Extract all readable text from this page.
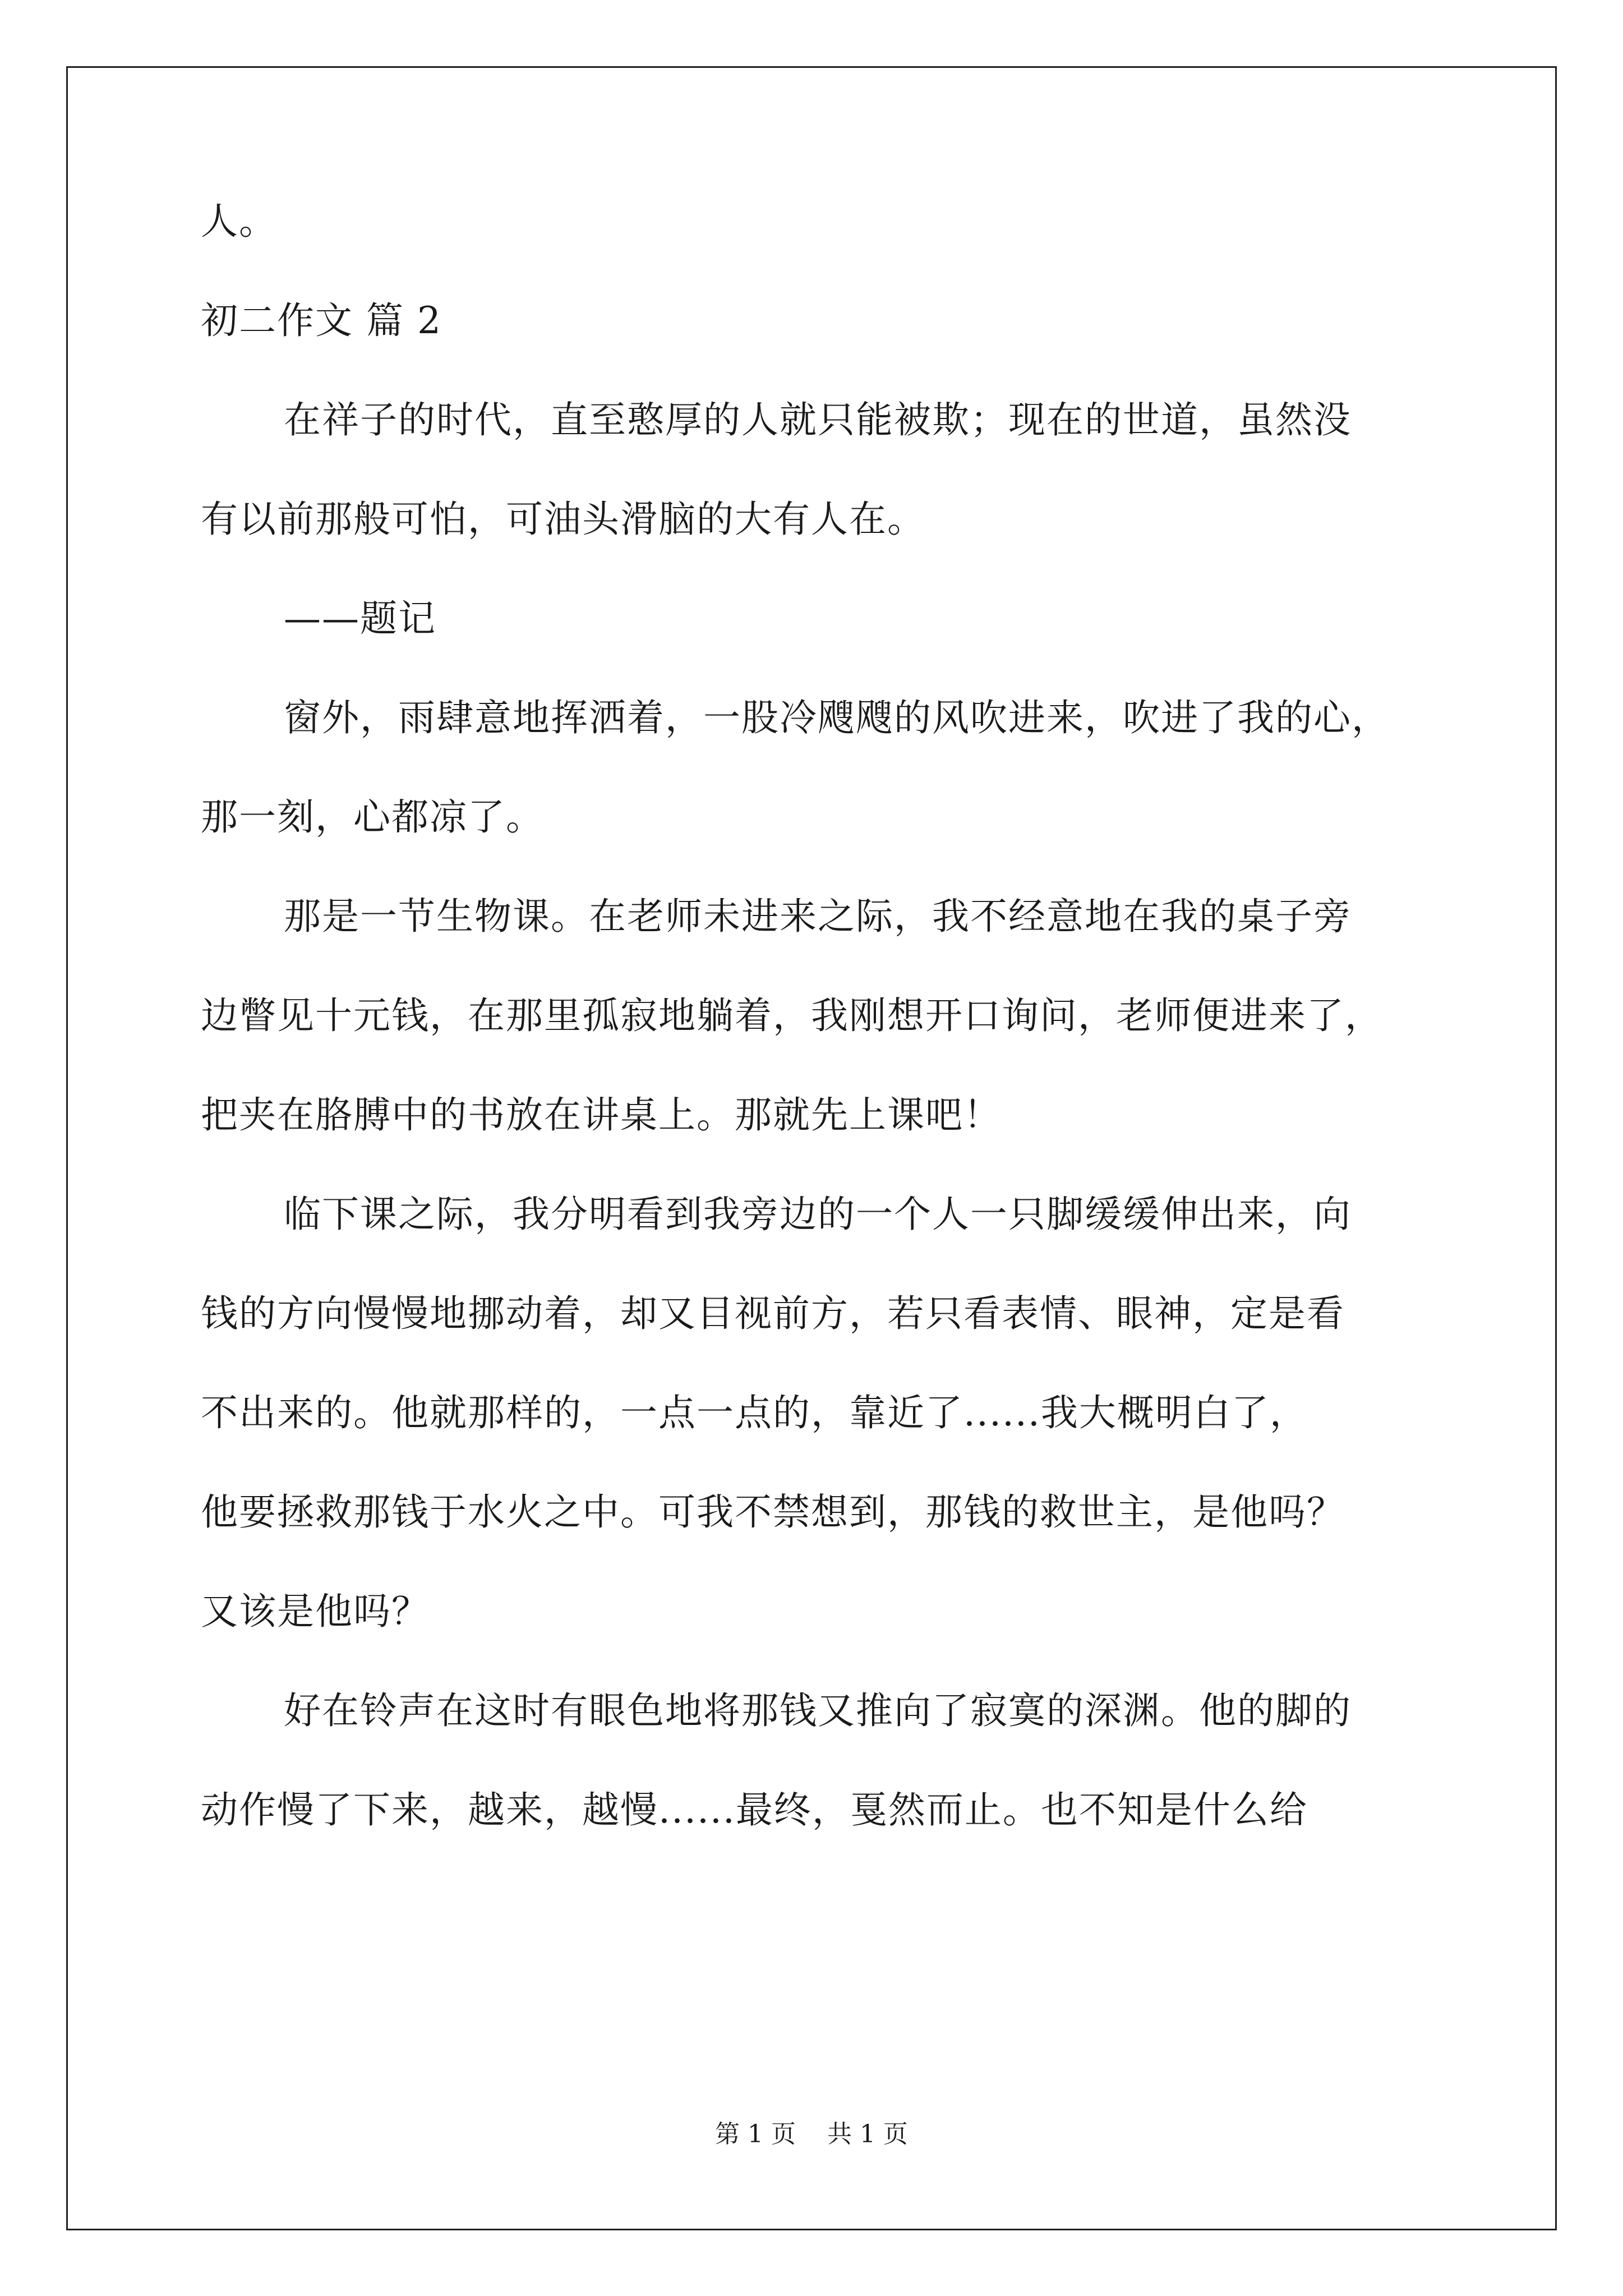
人。

初二作文 篇 2

在祥子的时代，直至憨厚的人就只能被欺；现在的世道，虽然没

有以前那般可怕，可油头滑脑的大有人在。

——题记

窗外，雨肆意地挥洒着，一股冷飕飕的风吹进来，吹进了我的心，

那一刻，心都凉了。

那是一节生物课。在老师未进来之际，我不经意地在我的桌子旁

边瞥见十元钱，在那里孤寂地躺着，我刚想开口询问，老师便进来了，

把夹在胳膊中的书放在讲桌上。那就先上课吧！

临下课之际，我分明看到我旁边的一个人一只脚缓缓伸出来，向

钱的方向慢慢地挪动着，却又目视前方，若只看表情、眼神，定是看

不出来的。他就那样的，一点一点的，靠近了......我大概明白了，

他要拯救那钱于水火之中。可我不禁想到，那钱的救世主，是他吗？

又该是他吗？

好在铃声在这时有眼色地将那钱又推向了寂寞的深渊。他的脚的

动作慢了下来，越来，越慢......最终，戛然而止。也不知是什么给

第 1 页    共 1 页
